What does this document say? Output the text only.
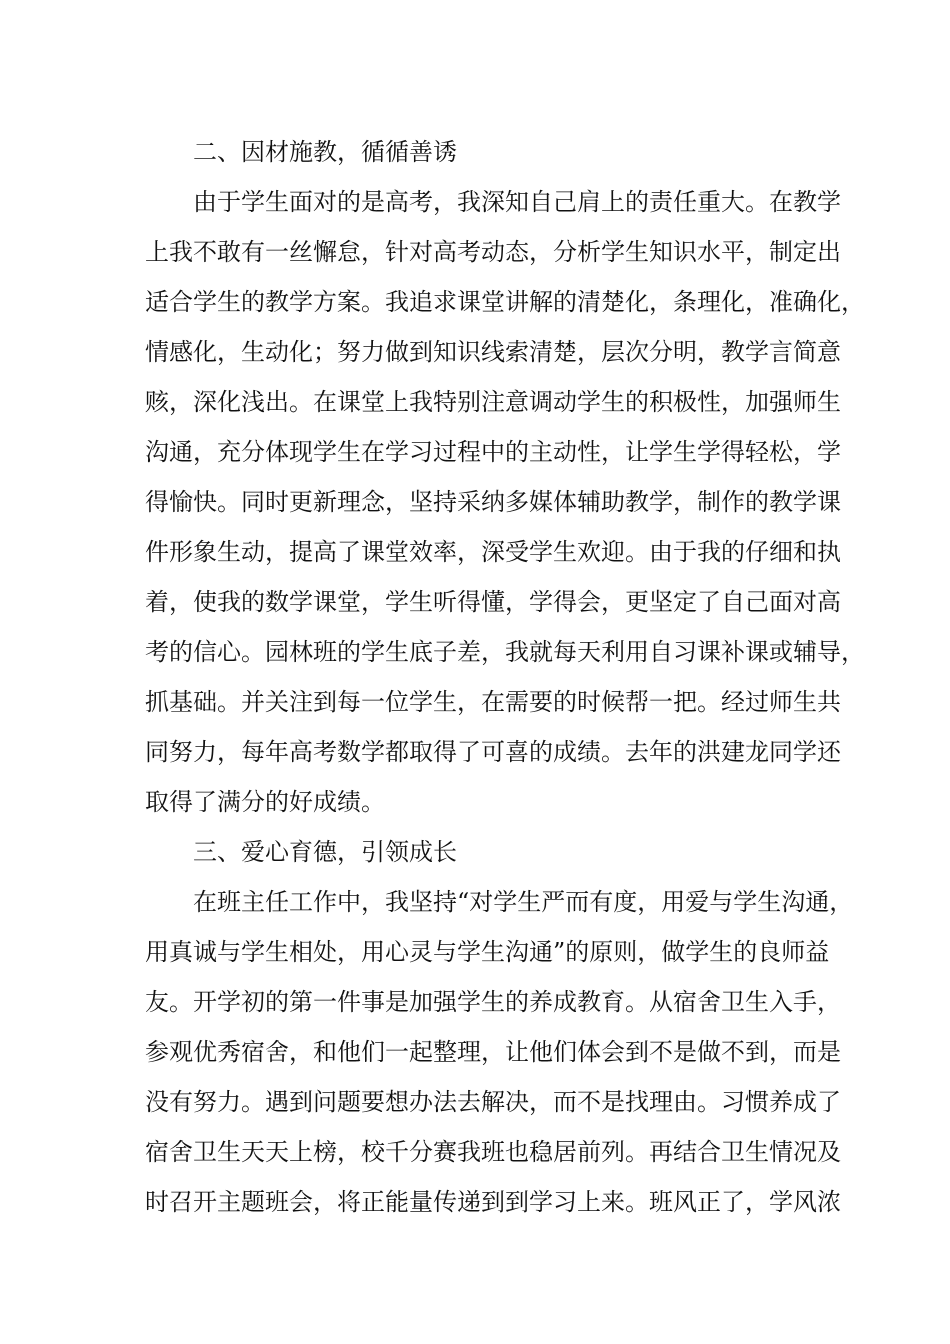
二、因材施教，循循善诱

由于学生面对的是高考，我深知自己肩上的责任重大。在教学
上我不敢有一丝懈怠，针对高考动态，分析学生知识水平，制定出
适合学生的教学方案。我追求课堂讲解的清楚化，条理化，准确化，
情感化，生动化；努力做到知识线索清楚，层次分明，教学言简意
赅，深化浅出。在课堂上我特别注意调动学生的积极性，加强师生
沟通，充分体现学生在学习过程中的主动性，让学生学得轻松，学
得愉快。同时更新理念，坚持采纳多媒体辅助教学，制作的教学课
件形象生动，提高了课堂效率，深受学生欢迎。由于我的仔细和执
着，使我的数学课堂，学生听得懂，学得会，更坚定了自己面对高
考的信心。园林班的学生底子差，我就每天利用自习课补课或辅导，
抓基础。并关注到每一位学生，在需要的时候帮一把。经过师生共
同努力，每年高考数学都取得了可喜的成绩。去年的洪建龙同学还
取得了满分的好成绩。

三、爱心育德，引领成长

在班主任工作中，我坚持“对学生严而有度，用爱与学生沟通，
用真诚与学生相处，用心灵与学生沟通”的原则，做学生的良师益
友。开学初的第一件事是加强学生的养成教育。从宿舍卫生入手，
参观优秀宿舍，和他们一起整理，让他们体会到不是做不到，而是
没有努力。遇到问题要想办法去解决，而不是找理由。习惯养成了
宿舍卫生天天上榜，校千分赛我班也稳居前列。再结合卫生情况及
时召开主题班会，将正能量传递到到学习上来。班风正了，学风浓
